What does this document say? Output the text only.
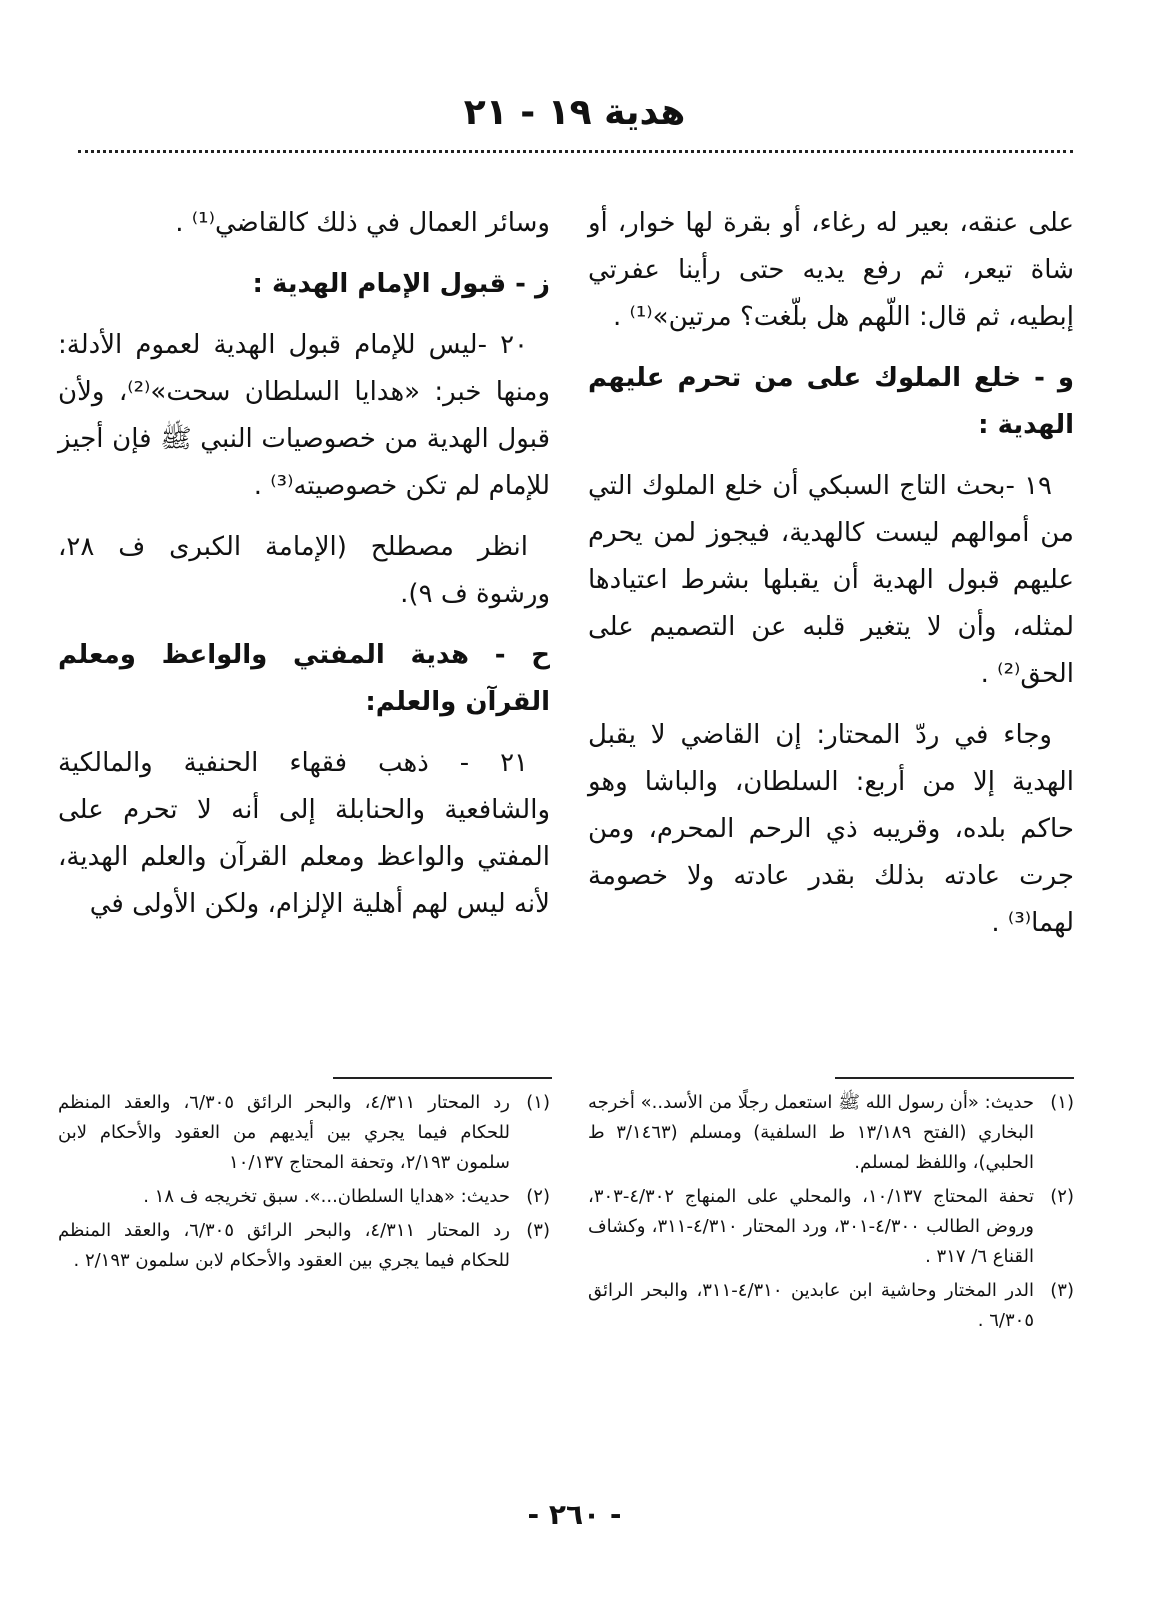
هدية ١٩ - ٢١

على عنقه، بعير له رغاء، أو بقرة لها خوار، أو شاة تيعر، ثم رفع يديه حتى رأينا عفرتي إبطيه، ثم قال: اللّهم هل بلّغت؟ مرتين»⁽¹⁾ .

و - خلع الملوك على من تحرم عليهم الهدية :

١٩ -بحث التاج السبكي أن خلع الملوك التي من أموالهم ليست كالهدية، فيجوز لمن يحرم عليهم قبول الهدية أن يقبلها بشرط اعتيادها لمثله، وأن لا يتغير قلبه عن التصميم على الحق⁽²⁾ .

وجاء في ردّ المحتار: إن القاضي لا يقبل الهدية إلا من أربع: السلطان، والباشا وهو حاكم بلده، وقريبه ذي الرحم المحرم، ومن جرت عادته بذلك بقدر عادته ولا خصومة لهما⁽³⁾ .

وسائر العمال في ذلك كالقاضي⁽¹⁾ .

ز - قبول الإمام الهدية :

٢٠ -ليس للإمام قبول الهدية لعموم الأدلة: ومنها خبر: «هدايا السلطان سحت»⁽²⁾، ولأن قبول الهدية من خصوصيات النبي ﷺ فإن أجيز للإمام لم تكن خصوصيته⁽³⁾ .

انظر مصطلح (الإمامة الكبرى ف ٢٨، ورشوة ف ٩).

ح - هدية المفتي والواعظ ومعلم القرآن والعلم:

٢١ - ذهب فقهاء الحنفية والمالكية والشافعية والحنابلة إلى أنه لا تحرم على المفتي والواعظ ومعلم القرآن والعلم الهدية، لأنه ليس لهم أهلية الإلزام، ولكن الأولى في

(١)
حديث: «أن رسول الله ﷺ استعمل رجلًا من الأسد..» أخرجه البخاري (الفتح ١٣/١٨٩ ط السلفية) ومسلم (٣/١٤٦٣ ط الحلبي)، واللفظ لمسلم.
(٢)
تحفة المحتاج ١٠/١٣٧، والمحلي على المنهاج ٤/٣٠٢-٣٠٣، وروض الطالب ٤/٣٠٠-٣٠١، ورد المحتار ٤/٣١٠-٣١١، وكشاف القناع ٦/ ٣١٧ .
(٣)
الدر المختار وحاشية ابن عابدين ٤/٣١٠-٣١١، والبحر الرائق ٦/٣٠٥ .
(١)
رد المحتار ٤/٣١١، والبحر الرائق ٦/٣٠٥، والعقد المنظم للحكام فيما يجري بين أيديهم من العقود والأحكام لابن سلمون ٢/١٩٣، وتحفة المحتاج ١٠/١٣٧
(٢)
حديث: «هدايا السلطان...». سبق تخريجه ف ١٨ .
(٣)
رد المحتار ٤/٣١١، والبحر الرائق ٦/٣٠٥، والعقد المنظم للحكام فيما يجري بين العقود والأحكام لابن سلمون ٢/١٩٣ .
- ٢٦٠ -
